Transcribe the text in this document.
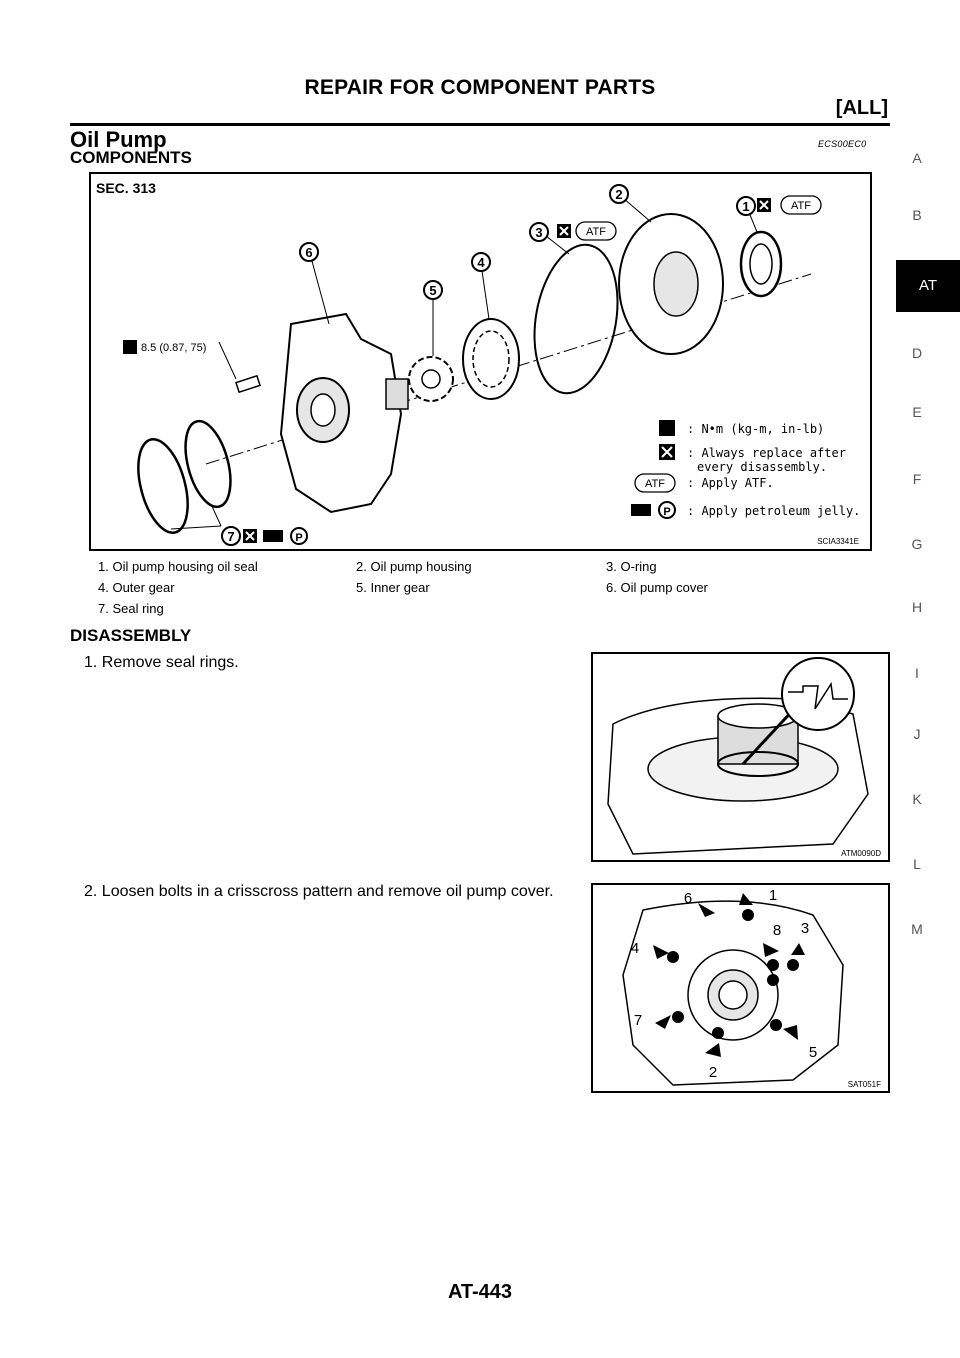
REPAIR FOR COMPONENT PARTS
[ALL]
Oil Pump	ECS00EC0
COMPONENTS
6
5
4
3
2
1
7
ATF
ATF
P
8.5 (0.87, 75)
: N•m (kg-m, in-lb)
: Always replace after
every disassembly.
ATF : Apply ATF.
P : Apply petroleum jelly.
SCIA3341E
SEC. 313
1. Oil pump housing oil seal	2. Oil pump housing	3. O-ring
4. Outer gear	5. Inner gear	6. Oil pump cover
7. Seal ring
DISASSEMBLY
1. Remove seal rings.
2. Loosen bolts in a crisscross pattern and remove oil pump cover.
ATM0090D
1
2
3
4
5
6
7
8
SAT051F
A
B
AT
D
E
F
G
H
I
J
K
L
M
AT-443
